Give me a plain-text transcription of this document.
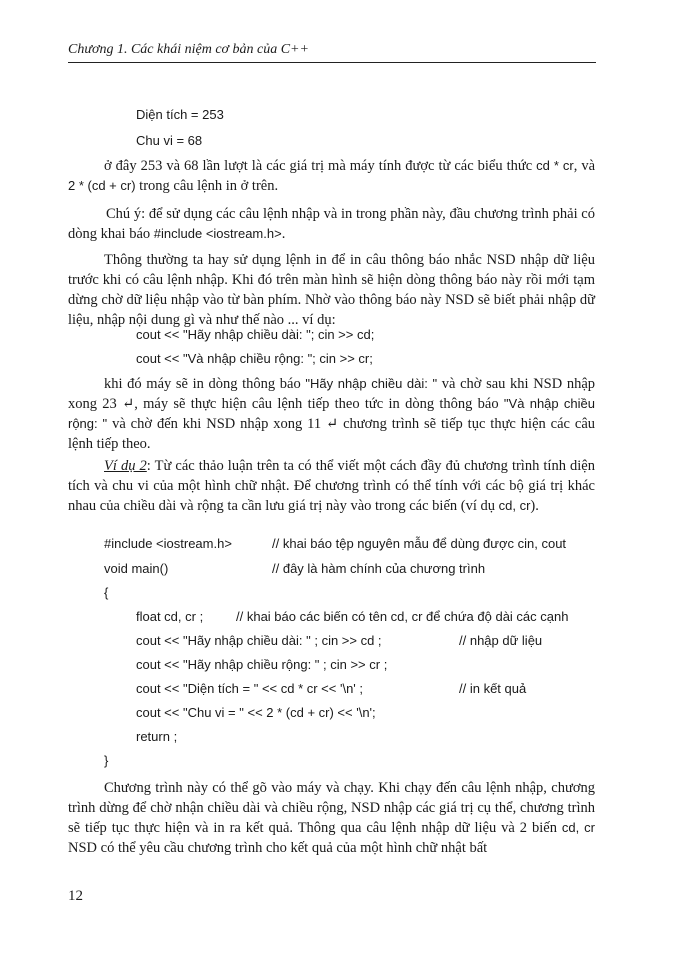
Chương 1. Các khái niệm cơ bản của C++
Diện tích = 253
Chu vi = 68
ở đây 253 và 68 lần lượt là các giá trị mà máy tính được từ các biểu thức cd * cr, và 2 * (cd + cr) trong câu lệnh in ở trên.
Chú ý: để sử dụng các câu lệnh nhập và in trong phần này, đầu chương trình phải có dòng khai báo #include <iostream.h>.
Thông thường ta hay sử dụng lệnh in để in câu thông báo nhắc NSD nhập dữ liệu trước khi có câu lệnh nhập. Khi đó trên màn hình sẽ hiện dòng thông báo này rồi mới tạm dừng chờ dữ liệu nhập vào từ bàn phím. Nhờ vào thông báo này NSD sẽ biết phải nhập dữ liệu, nhập nội dung gì và như thế nào ... ví dụ:
cout << "Hãy nhập chiều dài: "; cin >> cd;
cout << "Và nhập chiều rộng: "; cin >> cr;
khi đó máy sẽ in dòng thông báo "Hãy nhập chiều dài: " và chờ sau khi NSD nhập xong 23 ↵, máy sẽ thực hiện câu lệnh tiếp theo tức in dòng thông báo "Và nhập chiều rộng: " và chờ đến khi NSD nhập xong 11 ↵ chương trình sẽ tiếp tục thực hiện các câu lệnh tiếp theo.
Ví dụ 2: Từ các thảo luận trên ta có thể viết một cách đầy đủ chương trình tính diện tích và chu vi của một hình chữ nhật. Để chương trình có thể tính với các bộ giá trị khác nhau của chiều dài và rộng ta cần lưu giá trị này vào trong các biến (ví dụ cd, cr).
#include <iostream.h>	// khai báo tệp nguyên mẫu để dùng được cin, cout
void main()	// đây là hàm chính của chương trình
{
float cd, cr ;	// khai báo các biến có tên cd, cr để chứa độ dài các cạnh
cout << "Hãy nhập chiều dài: " ; cin >> cd ;	// nhập dữ liệu
cout << "Hãy nhập chiều rộng: " ; cin >> cr ;
cout << "Diện tích = " << cd * cr << '\n' ;	// in kết quả
cout << "Chu vi = " << 2 * (cd + cr) << '\n';
return ;
}
Chương trình này có thể gõ vào máy và chạy. Khi chạy đến câu lệnh nhập, chương trình dừng để chờ nhận chiều dài và chiều rộng, NSD nhập các giá trị cụ thể, chương trình sẽ tiếp tục thực hiện và in ra kết quả. Thông qua câu lệnh nhập dữ liệu và 2 biến cd, cr NSD có thể yêu cầu chương trình cho kết quả của một hình chữ nhật bất
12
